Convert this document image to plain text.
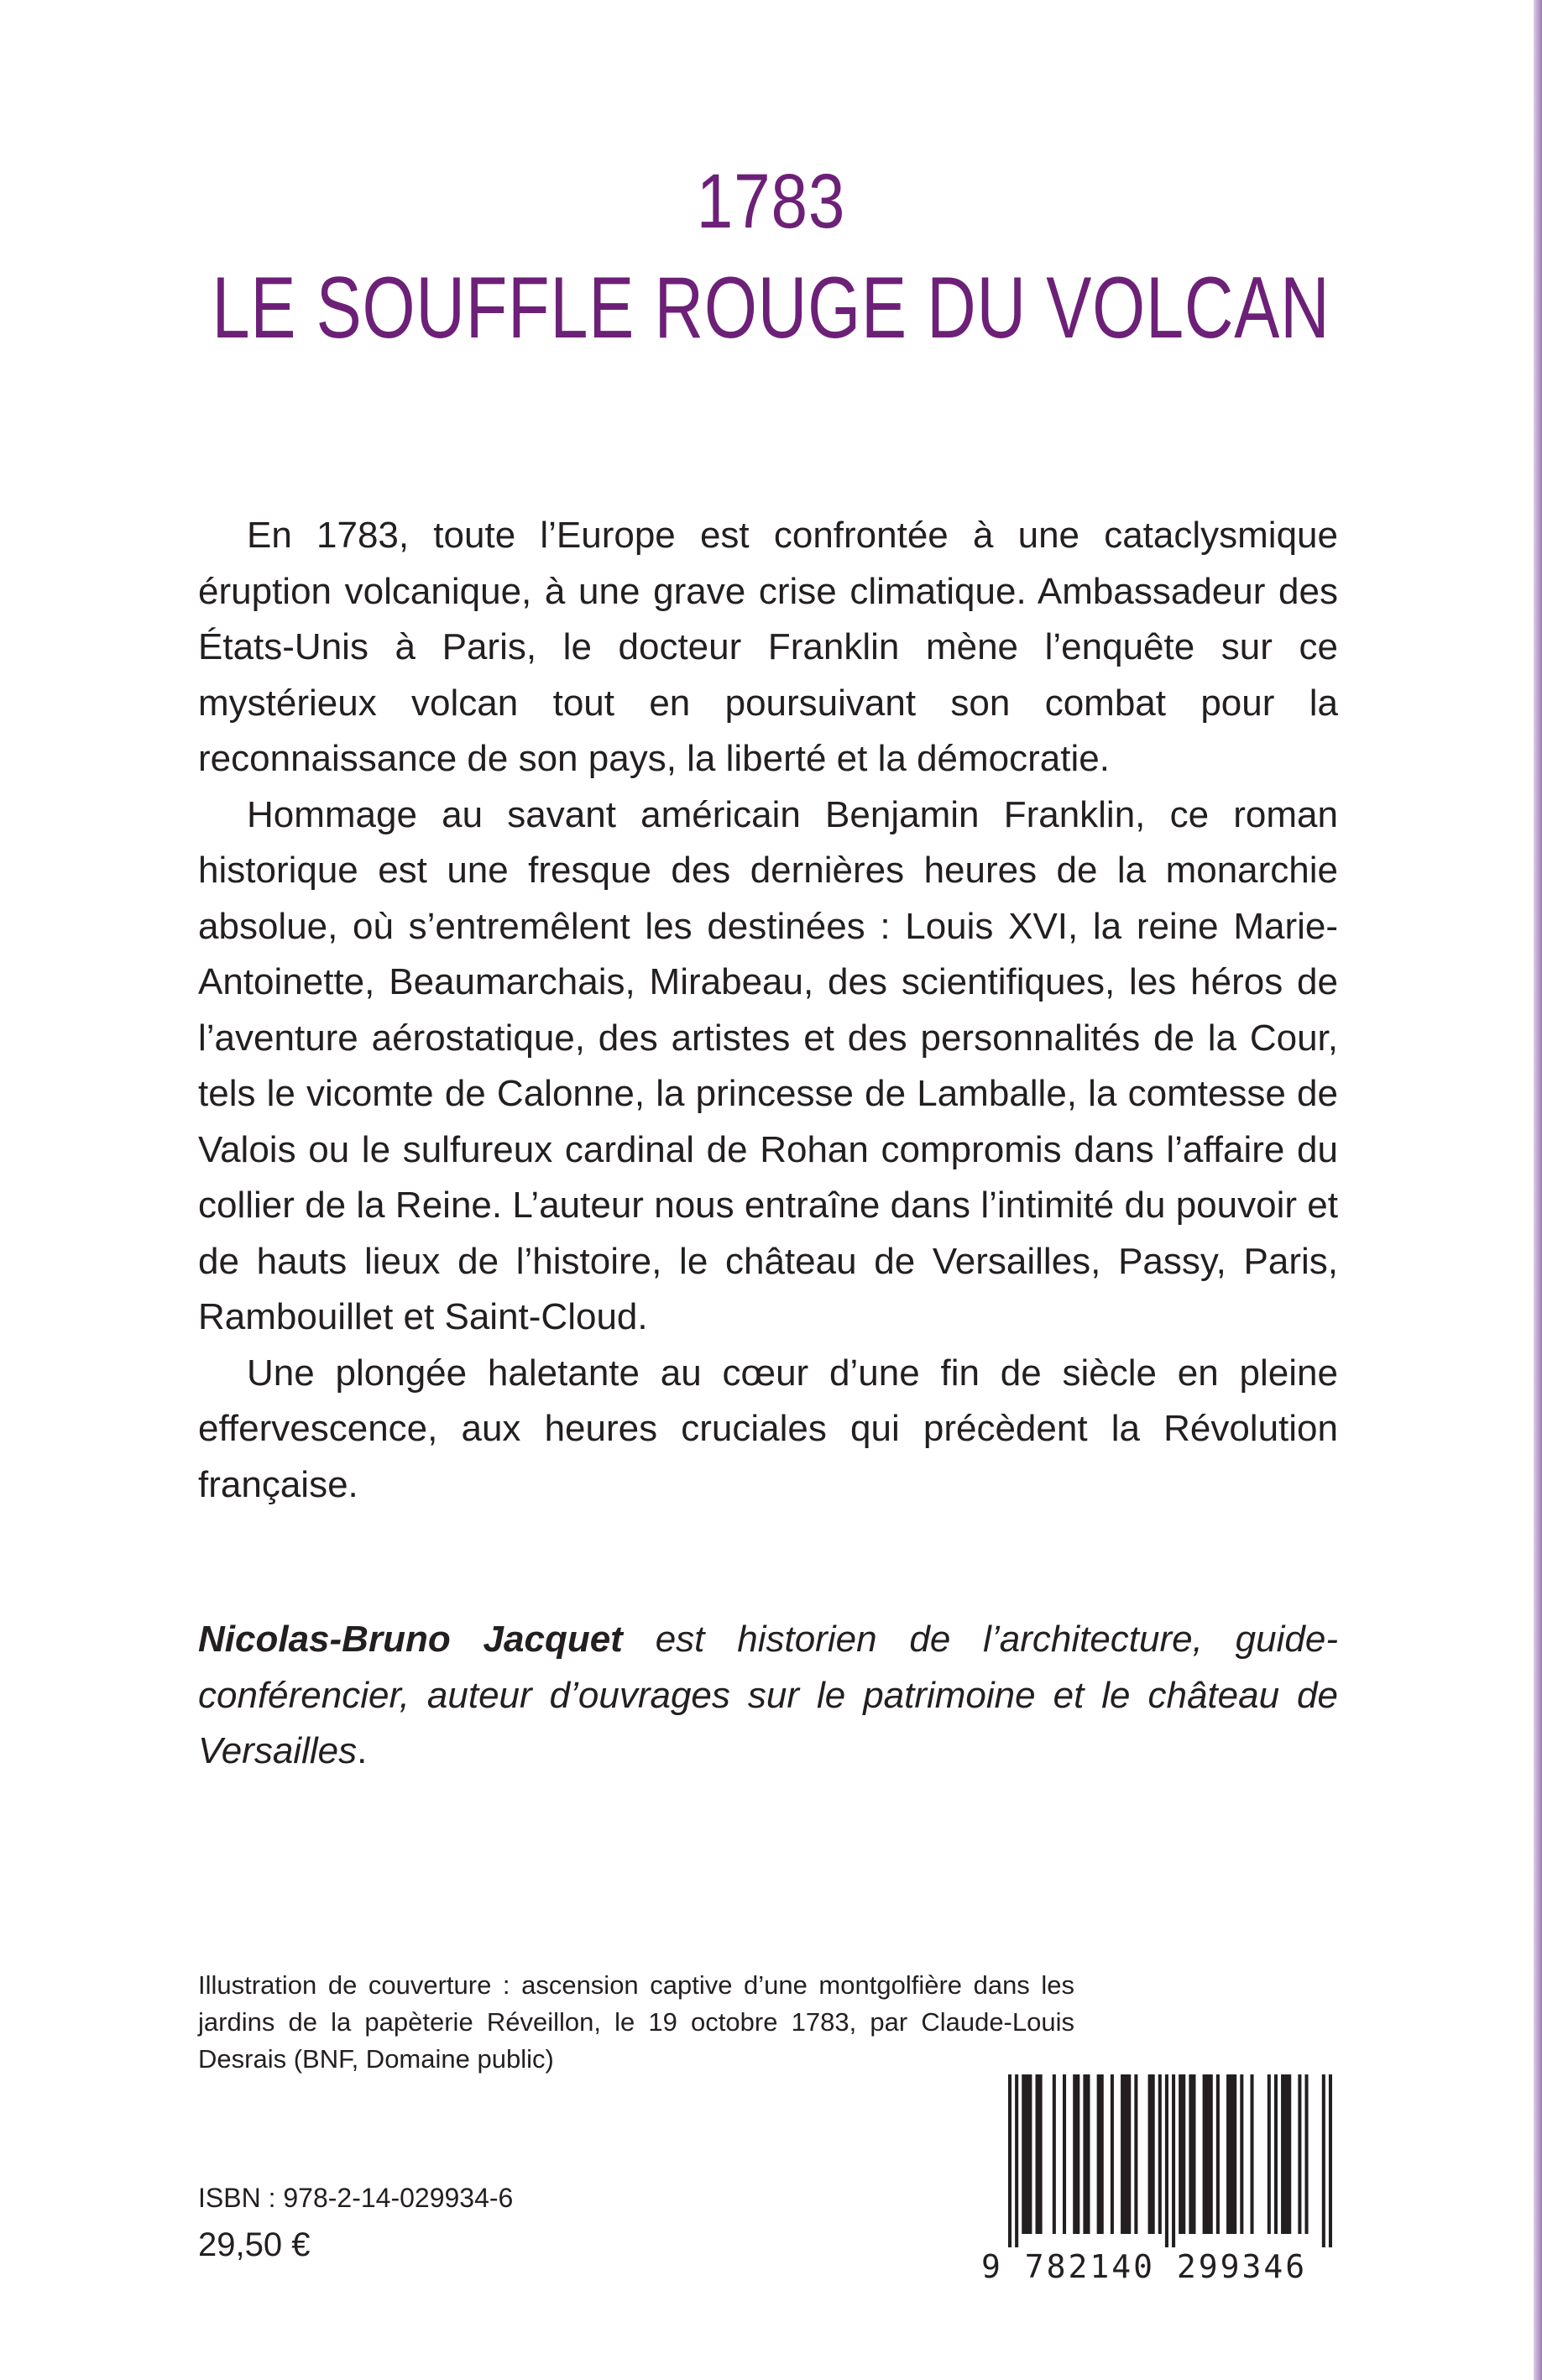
1783
LE SOUFFLE ROUGE DU VOLCAN

En 1783, toute l’Europe est confrontée à une cataclysmique éruption volcanique, à une grave crise climatique. Ambassadeur des États-Unis à Paris, le docteur Franklin mène l’enquête sur ce mystérieux volcan tout en poursuivant son combat pour la reconnaissance de son pays, la liberté et la démocratie.

Hommage au savant américain Benjamin Franklin, ce roman historique est une fresque des dernières heures de la monarchie absolue, où s’entremêlent les destinées : Louis XVI, la reine Marie-Antoinette, Beaumarchais, Mirabeau, des scientifiques, les héros de l’aventure aérostatique, des artistes et des personnalités de la Cour, tels le vicomte de Calonne, la princesse de Lamballe, la comtesse de Valois ou le sulfureux cardinal de Rohan compromis dans l’affaire du collier de la Reine. L’auteur nous entraîne dans l’intimité du pouvoir et de hauts lieux de l’histoire, le château de Versailles, Passy, Paris, Rambouillet et Saint-Cloud.

Une plongée haletante au cœur d’une fin de siècle en pleine effervescence, aux heures cruciales qui précèdent la Révolution française.

Nicolas-Bruno Jacquet est historien de l’architecture, guide-conférencier, auteur d’ouvrages sur le patrimoine et le château de Versailles.

Illustration de couverture : ascension captive d’une montgolfière dans les jardins de la papèterie Réveillon, le 19 octobre 1783, par Claude-Louis Desrais (BNF, Domaine public)

ISBN : 978-2-14-029934-6

29,50 €

9 782140 299346
